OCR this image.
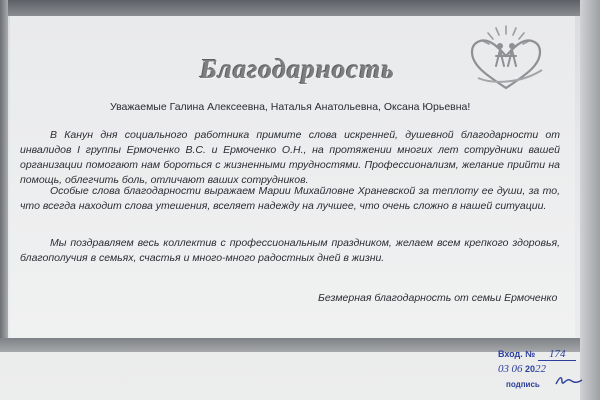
Благодарность
Уважаемые Галина Алексеевна, Наталья Анатольевна, Оксана Юрьевна!
В Канун дня социального работника примите слова искренней, душевной благодарности от инвалидов I группы Ермоченко В.С. и Ермоченко О.Н., на протяжении многих лет сотрудники вашей организации помогают нам бороться с жизненными трудностями. Профессионализм, желание прийти на помощь, облегчить боль, отличают ваших сотрудников.
Особые слова благодарности выражаем Марии Михайловне Храневской за теплоту ее души, за то, что всегда находит слова утешения, вселяет надежду на лучшее, что очень сложно в нашей ситуации.
Мы поздравляем весь коллектив с профессиональным праздником, желаем всем крепкого здоровья, благополучия в семьях, счастья и много-много радостных дней в жизни.
Безмерная благодарность от семьи Ермоченко
Вход. № 174
03 06 2022
подпись
